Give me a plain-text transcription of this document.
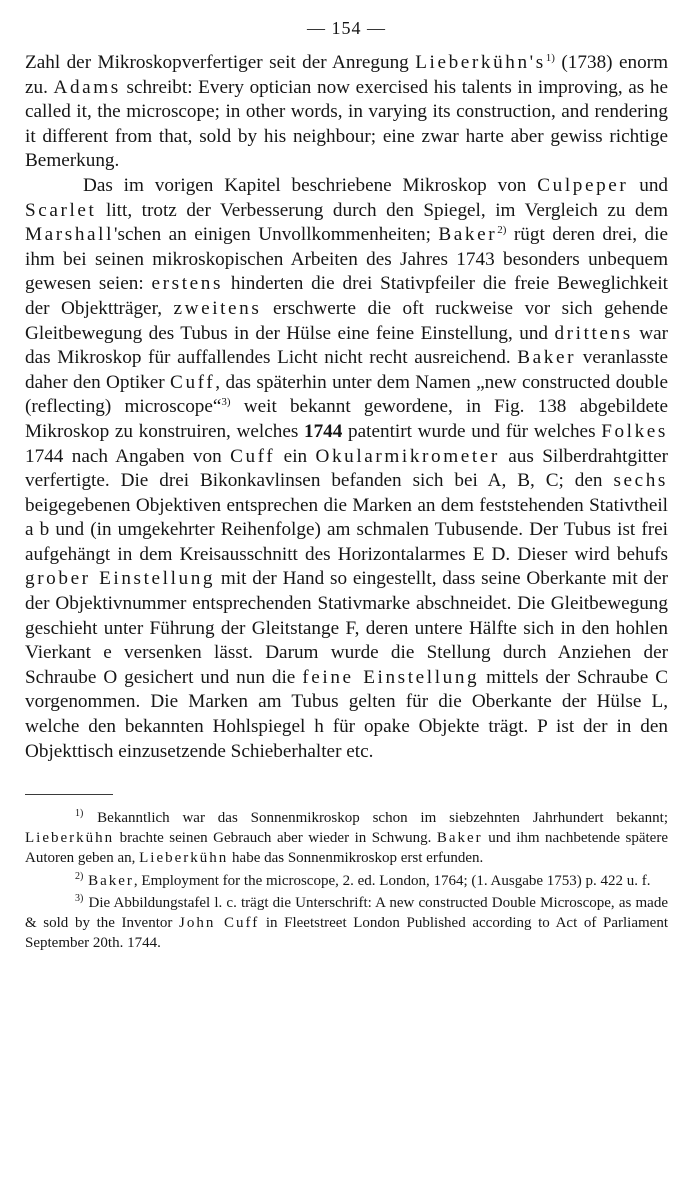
— 154 —

Zahl der Mikroskopverfertiger seit der Anregung $Lieberkühn's^{1)}$ (1738) enorm zu. Adams schreibt: Every optician now exercised his talents in improving, as he called it, the microscope; in other words, in varying its construction, and rendering it different from that, sold by his neighbour; eine zwar harte aber gewiss richtige Bemerkung.

Das im vorigen Kapitel beschriebene Mikroskop von Culpeper und Scarlet litt, trotz der Verbesserung durch den Spiegel, im Vergleich zu dem Marshall'schen an einigen Unvollkommenheiten; Baker$^{2)}$ rügt deren drei, die ihm bei seinen mikroskopischen Arbeiten des Jahres 1743 besonders unbequem gewesen seien: erstens hinderten die drei Stativpfeiler die freie Beweglichkeit der Objektträger, zweitens erschwerte die oft ruckweise vor sich gehende Gleitbewegung des Tubus in der Hülse eine feine Einstellung, und drittens war das Mikroskop für auffallendes Licht nicht recht ausreichend. Baker veranlasste daher den Optiker Cuff, das späterhin unter dem Namen „new constructed double (reflecting) microscope“$^{3)}$ weit bekannt gewordene, in Fig. 138 abgebildete Mikroskop zu konstruiren, welches 1744 patentirt wurde und für welches Folkes 1744 nach Angaben von Cuff ein Okularmikrometer aus Silberdrahtgitter verfertigte. Die drei Bikonkavlinsen befanden sich bei A, B, C; den sechs beigegebenen Objektiven entsprechen die Marken an dem feststehenden Stativtheil a b und (in umgekehrter Reihenfolge) am schmalen Tubusende. Der Tubus ist frei aufgehängt in dem Kreisausschnitt des Horizontalarmes E D. Dieser wird behufs grober Einstellung mit der Hand so eingestellt, dass seine Oberkante mit der der Objektivnummer entsprechenden Stativmarke abschneidet. Die Gleitbewegung geschieht unter Führung der Gleitstange F, deren untere Hälfte sich in den hohlen Vierkant e versenken lässt. Darum wurde die Stellung durch Anziehen der Schraube O gesichert und nun die feine Einstellung mittels der Schraube C vorgenommen. Die Marken am Tubus gelten für die Oberkante der Hülse L, welche den bekannten Hohlspiegel h für opake Objekte trägt. P ist der in den Objekttisch einzusetzende Schieberhalter etc.

$^{1)}$ Bekanntlich war das Sonnenmikroskop schon im siebzehnten Jahrhundert bekannt; Lieberkühn brachte seinen Gebrauch aber wieder in Schwung. Baker und ihm nachbetende spätere Autoren geben an, Lieberkühn habe das Sonnenmikroskop erst erfunden.

$^{2)}$ Baker, Employment for the microscope, 2. ed. London, 1764; (1. Ausgabe 1753) p. 422 u. f.

$^{3)}$ Die Abbildungstafel l. c. trägt die Unterschrift: A new constructed Double Microscope, as made & sold by the Inventor John Cuff in Fleetstreet London Published according to Act of Parliament September 20th. 1744.
